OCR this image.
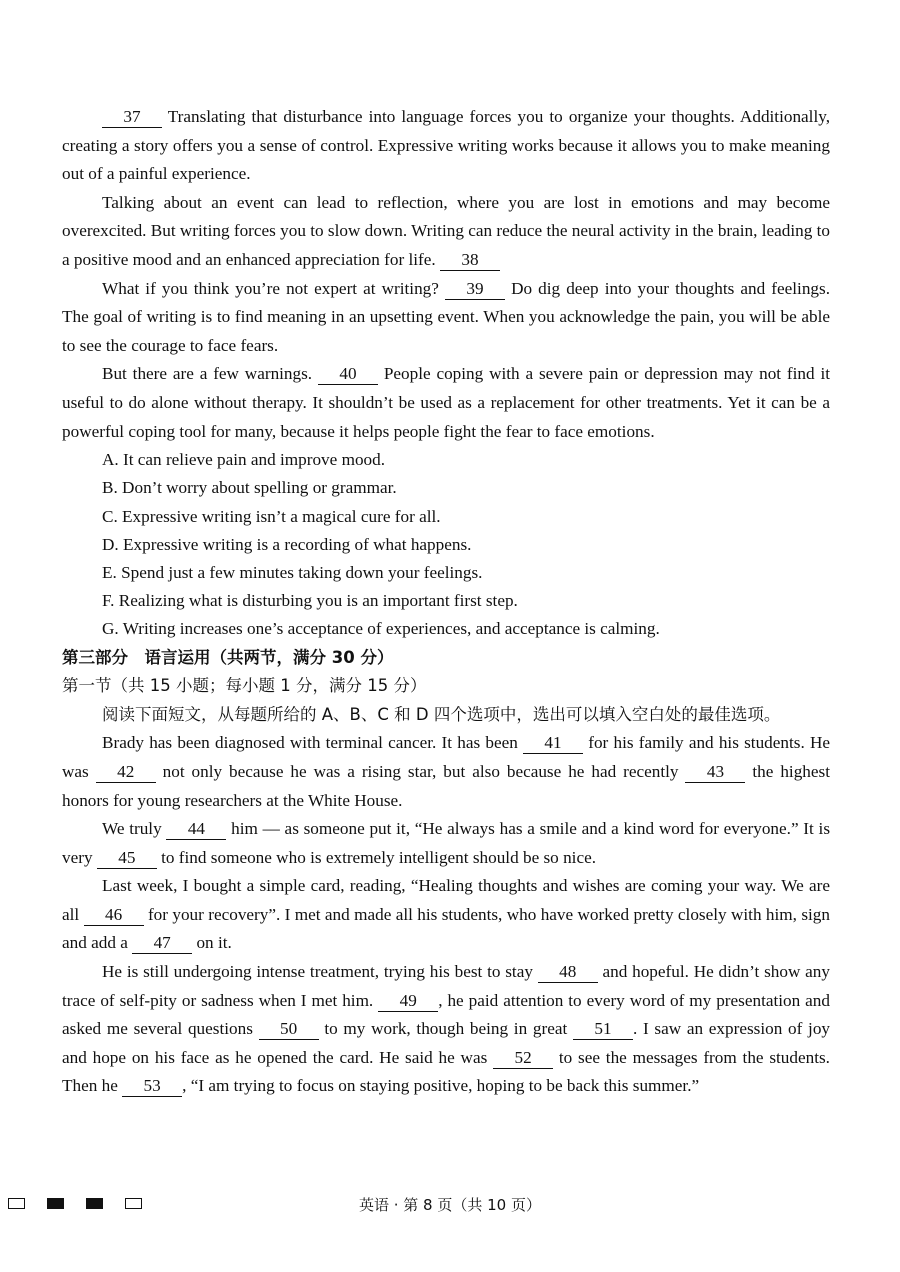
37 Translating that disturbance into language forces you to organize your thoughts. Additionally, creating a story offers you a sense of control. Expressive writing works because it allows you to make meaning out of a painful experience.

Talking about an event can lead to reflection, where you are lost in emotions and may become overexcited. But writing forces you to slow down. Writing can reduce the neural activity in the brain, leading to a positive mood and an enhanced appreciation for life. 38

What if you think you’re not expert at writing? 39 Do dig deep into your thoughts and feelings. The goal of writing is to find meaning in an upsetting event. When you acknowledge the pain, you will be able to see the courage to face fears.

But there are a few warnings. 40 People coping with a severe pain or depression may not find it useful to do alone without therapy. It shouldn’t be used as a replacement for other treatments. Yet it can be a powerful coping tool for many, because it helps people fight the fear to face emotions.

A. It can relieve pain and improve mood.
B. Don’t worry about spelling or grammar.
C. Expressive writing isn’t a magical cure for all.
D. Expressive writing is a recording of what happens.
E. Spend just a few minutes taking down your feelings.
F. Realizing what is disturbing you is an important first step.
G. Writing increases one’s acceptance of experiences, and acceptance is calming.

第三部分　语言运用（共两节，满分 30 分）

第一节（共 15 小题；每小题 1 分，满分 15 分）

阅读下面短文，从每题所给的 A、B、C 和 D 四个选项中，选出可以填入空白处的最佳选项。

Brady has been diagnosed with terminal cancer. It has been 41 for his family and his students. He was 42 not only because he was a rising star, but also because he had recently 43 the highest honors for young researchers at the White House.

We truly 44 him — as someone put it, “He always has a smile and a kind word for everyone.” It is very 45 to find someone who is extremely intelligent should be so nice.

Last week, I bought a simple card, reading, “Healing thoughts and wishes are coming your way. We are all 46 for your recovery”. I met and made all his students, who have worked pretty closely with him, sign and add a 47 on it.

He is still undergoing intense treatment, trying his best to stay 48 and hopeful. He didn’t show any trace of self-pity or sadness when I met him. 49 , he paid attention to every word of my presentation and asked me several questions 50 to my work, though being in great 51 . I saw an expression of joy and hope on his face as he opened the card. He said he was 52 to see the messages from the students. Then he 53 , “I am trying to focus on staying positive, hoping to be back this summer.”

英语 · 第 8 页（共 10 页）
